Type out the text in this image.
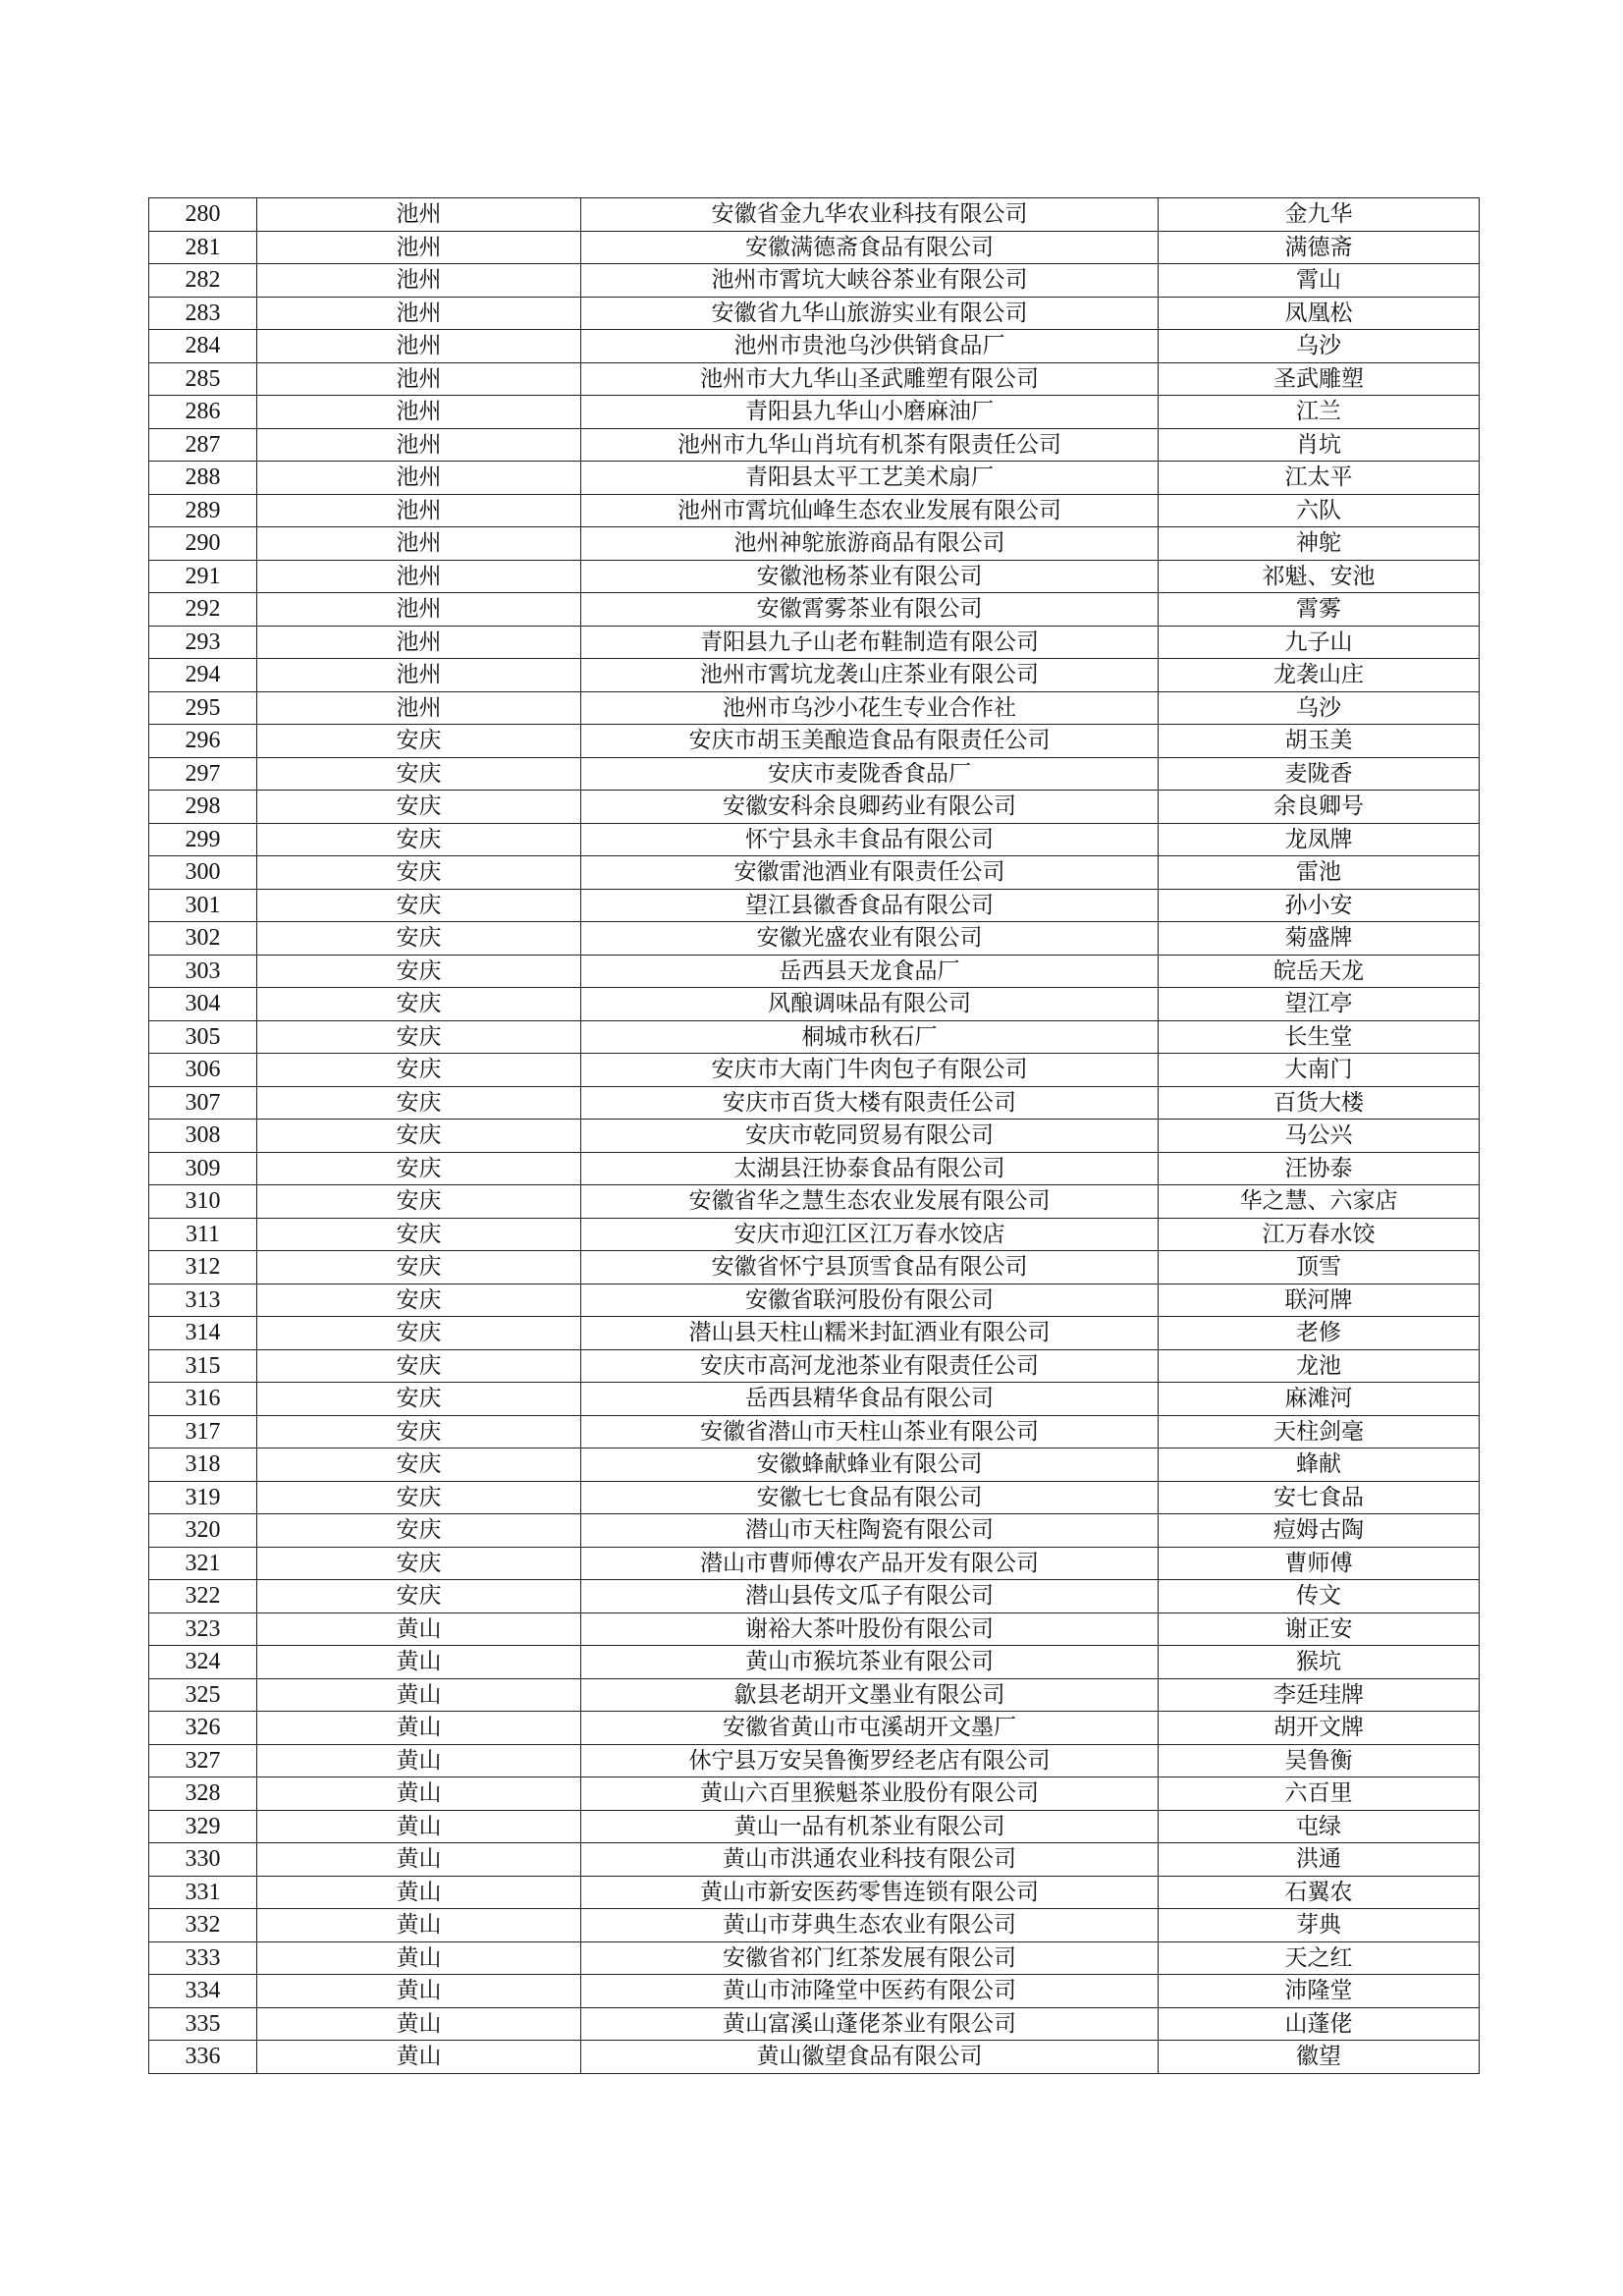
280	池州	安徽省金九华农业科技有限公司	金九华
281	池州	安徽满德斋食品有限公司	满德斋
282	池州	池州市霄坑大峡谷茶业有限公司	霄山
283	池州	安徽省九华山旅游实业有限公司	凤凰松
284	池州	池州市贵池乌沙供销食品厂	乌沙
285	池州	池州市大九华山圣武雕塑有限公司	圣武雕塑
286	池州	青阳县九华山小磨麻油厂	江兰
287	池州	池州市九华山肖坑有机茶有限责任公司	肖坑
288	池州	青阳县太平工艺美术扇厂	江太平
289	池州	池州市霄坑仙峰生态农业发展有限公司	六队
290	池州	池州神鸵旅游商品有限公司	神鸵
291	池州	安徽池杨茶业有限公司	祁魁、安池
292	池州	安徽霄雾茶业有限公司	霄雾
293	池州	青阳县九子山老布鞋制造有限公司	九子山
294	池州	池州市霄坑龙袭山庄茶业有限公司	龙袭山庄
295	池州	池州市乌沙小花生专业合作社	乌沙
296	安庆	安庆市胡玉美酿造食品有限责任公司	胡玉美
297	安庆	安庆市麦陇香食品厂	麦陇香
298	安庆	安徽安科余良卿药业有限公司	余良卿号
299	安庆	怀宁县永丰食品有限公司	龙凤牌
300	安庆	安徽雷池酒业有限责任公司	雷池
301	安庆	望江县徽香食品有限公司	孙小安
302	安庆	安徽光盛农业有限公司	菊盛牌
303	安庆	岳西县天龙食品厂	皖岳天龙
304	安庆	风酿调味品有限公司	望江亭
305	安庆	桐城市秋石厂	长生堂
306	安庆	安庆市大南门牛肉包子有限公司	大南门
307	安庆	安庆市百货大楼有限责任公司	百货大楼
308	安庆	安庆市乾同贸易有限公司	马公兴
309	安庆	太湖县汪协泰食品有限公司	汪协泰
310	安庆	安徽省华之慧生态农业发展有限公司	华之慧、六家店
311	安庆	安庆市迎江区江万春水饺店	江万春水饺
312	安庆	安徽省怀宁县顶雪食品有限公司	顶雪
313	安庆	安徽省联河股份有限公司	联河牌
314	安庆	潜山县天柱山糯米封缸酒业有限公司	老修
315	安庆	安庆市高河龙池茶业有限责任公司	龙池
316	安庆	岳西县精华食品有限公司	麻滩河
317	安庆	安徽省潜山市天柱山茶业有限公司	天柱剑毫
318	安庆	安徽蜂献蜂业有限公司	蜂献
319	安庆	安徽七七食品有限公司	安七食品
320	安庆	潜山市天柱陶瓷有限公司	痘姆古陶
321	安庆	潜山市曹师傅农产品开发有限公司	曹师傅
322	安庆	潜山县传文瓜子有限公司	传文
323	黄山	谢裕大茶叶股份有限公司	谢正安
324	黄山	黄山市猴坑茶业有限公司	猴坑
325	黄山	歙县老胡开文墨业有限公司	李廷珪牌
326	黄山	安徽省黄山市屯溪胡开文墨厂	胡开文牌
327	黄山	休宁县万安吴鲁衡罗经老店有限公司	吴鲁衡
328	黄山	黄山六百里猴魁茶业股份有限公司	六百里
329	黄山	黄山一品有机茶业有限公司	屯绿
330	黄山	黄山市洪通农业科技有限公司	洪通
331	黄山	黄山市新安医药零售连锁有限公司	石翼农
332	黄山	黄山市芽典生态农业有限公司	芽典
333	黄山	安徽省祁门红茶发展有限公司	天之红
334	黄山	黄山市沛隆堂中医药有限公司	沛隆堂
335	黄山	黄山富溪山蓬佬茶业有限公司	山蓬佬
336	黄山	黄山徽望食品有限公司	徽望
